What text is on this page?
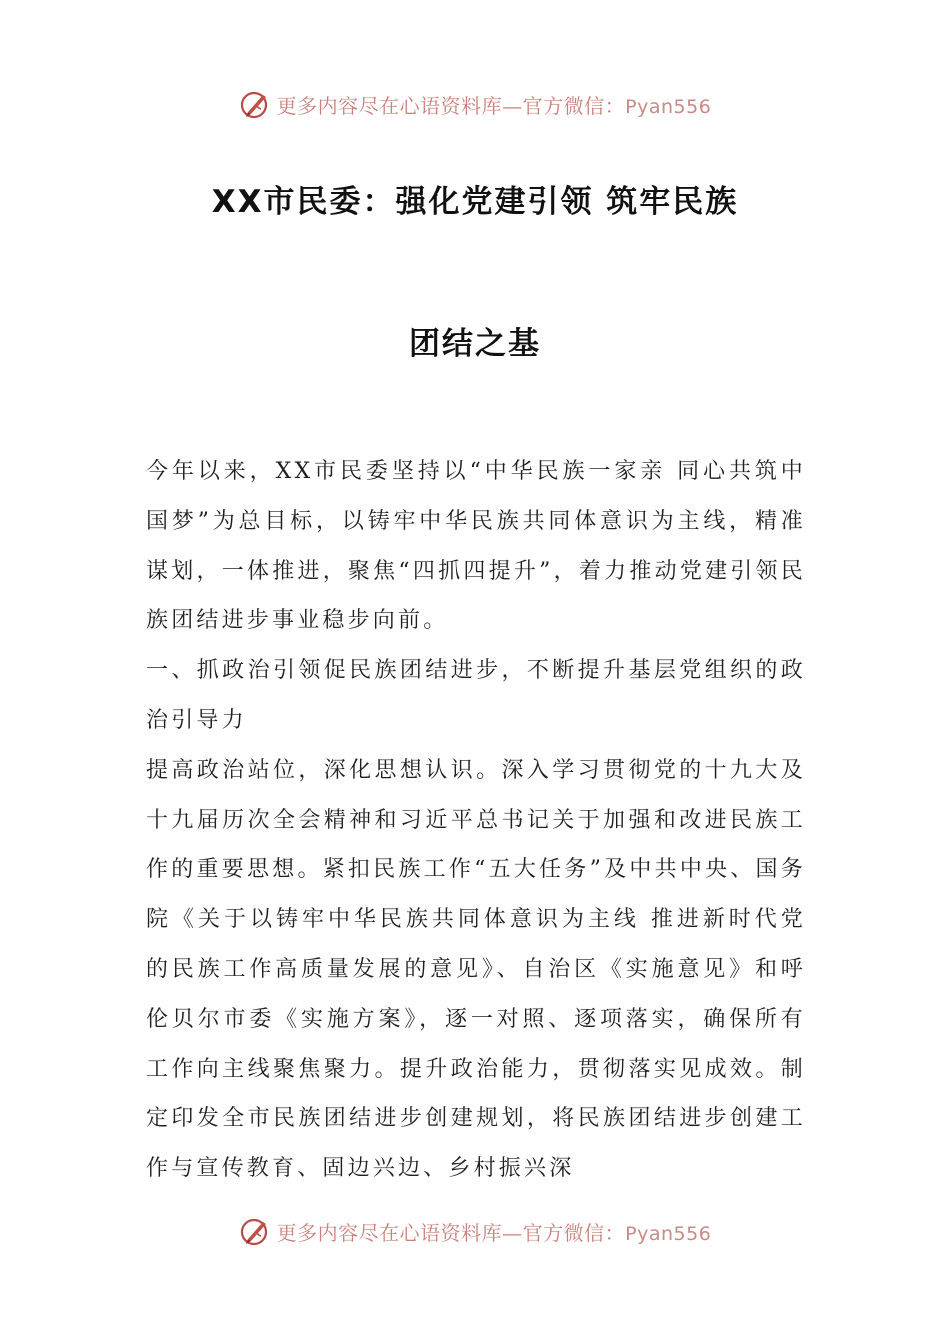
更多内容尽在心语资料库—官方微信：Pyan556
XX市民委：强化党建引领 筑牢民族
团结之基

今年以来，XX市民委坚持以“中华民族一家亲 同心共筑中国梦”为总目标，以铸牢中华民族共同体意识为主线，精准谋划，一体推进，聚焦“四抓四提升”，着力推动党建引领民族团结进步事业稳步向前。

一、抓政治引领促民族团结进步，不断提升基层党组织的政治引导力

提高政治站位，深化思想认识。深入学习贯彻党的十九大及十九届历次全会精神和习近平总书记关于加强和改进民族工作的重要思想。紧扣民族工作“五大任务”及中共中央、国务院《关于以铸牢中华民族共同体意识为主线 推进新时代党的民族工作高质量发展的意见》、自治区《实施意见》和呼伦贝尔市委《实施方案》，逐一对照、逐项落实，确保所有工作向主线聚焦聚力。提升政治能力，贯彻落实见成效。制定印发全市民族团结进步创建规划，将民族团结进步创建工作与宣传教育、固边兴边、乡村振兴深

更多内容尽在心语资料库—官方微信：Pyan556
